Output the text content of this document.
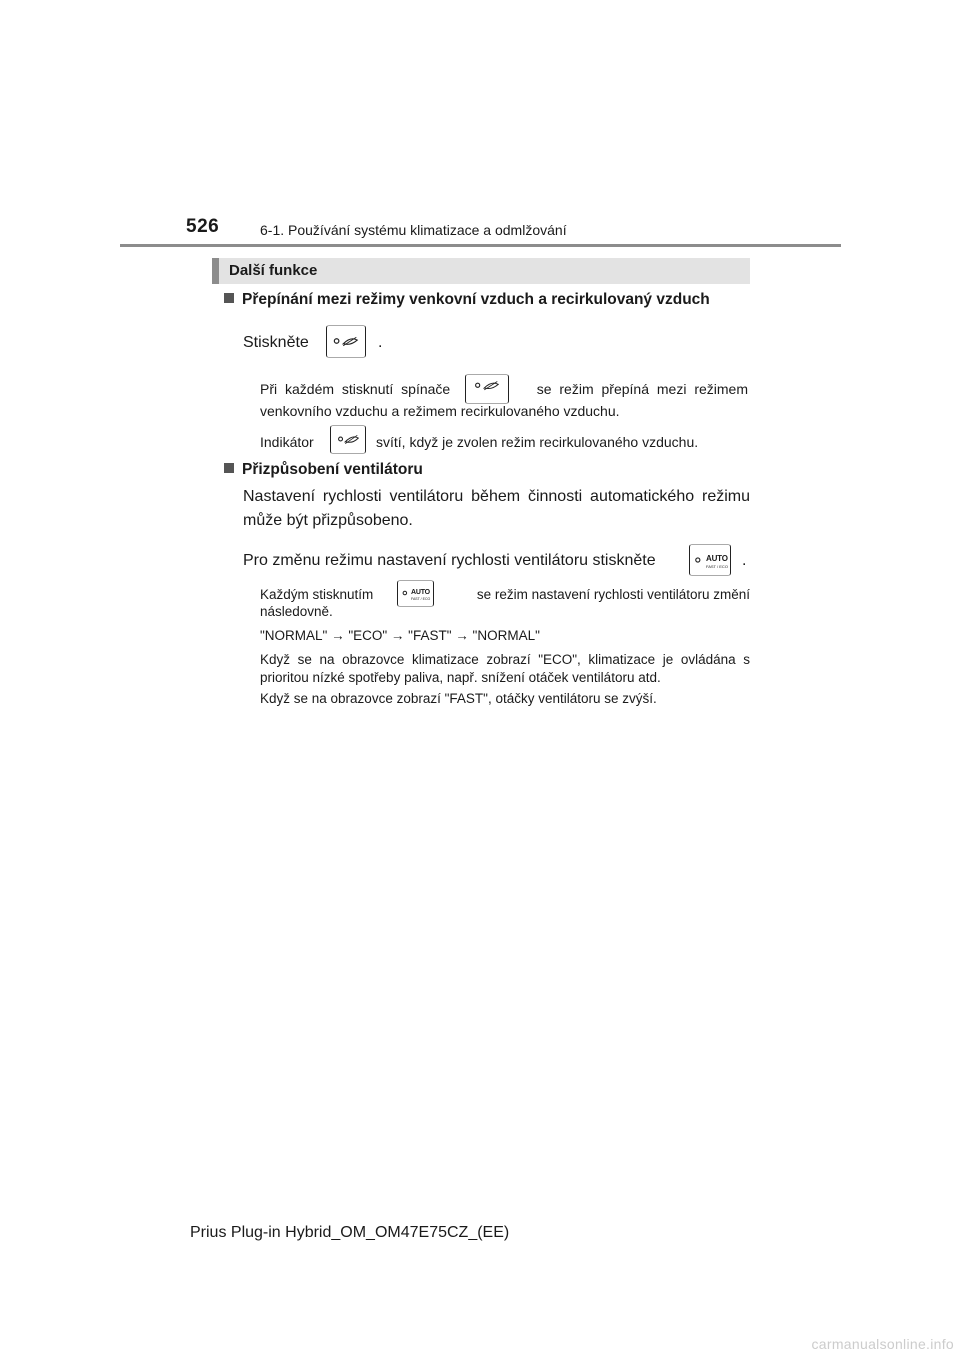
526	6-1. Používání systému klimatizace a odmlžování
Další funkce
Přepínání mezi režimy venkovní vzduch a recirkulovaný vzduch
Stiskněte	.
Při každém stisknutí spínače	se režim přepíná mezi režimem
venkovního vzduchu a režimem recirkulovaného vzduchu.
Indikátor	svítí, když je zvolen režim recirkulovaného vzduchu.
Přizpůsobení ventilátoru
Nastavení rychlosti ventilátoru během činnosti automatického režimu může být přizpůsobeno.
Pro změnu režimu nastavení rychlosti ventilátoru stiskněte	AUTO
FAST / ECO .
Každým stisknutím	se režim nastavení rychlosti ventilátoru změní
AUTO
FAST / ECO
následovně.
"NORMAL" → "ECO" → "FAST" → "NORMAL"
Když se na obrazovce klimatizace zobrazí "ECO", klimatizace je ovládána s prioritou nízké spotřeby paliva, např. snížení otáček ventilátoru atd.
Když se na obrazovce zobrazí "FAST", otáčky ventilátoru se zvýší.
Prius Plug-in Hybrid_OM_OM47E75CZ_(EE)
carmanualsonline.info
